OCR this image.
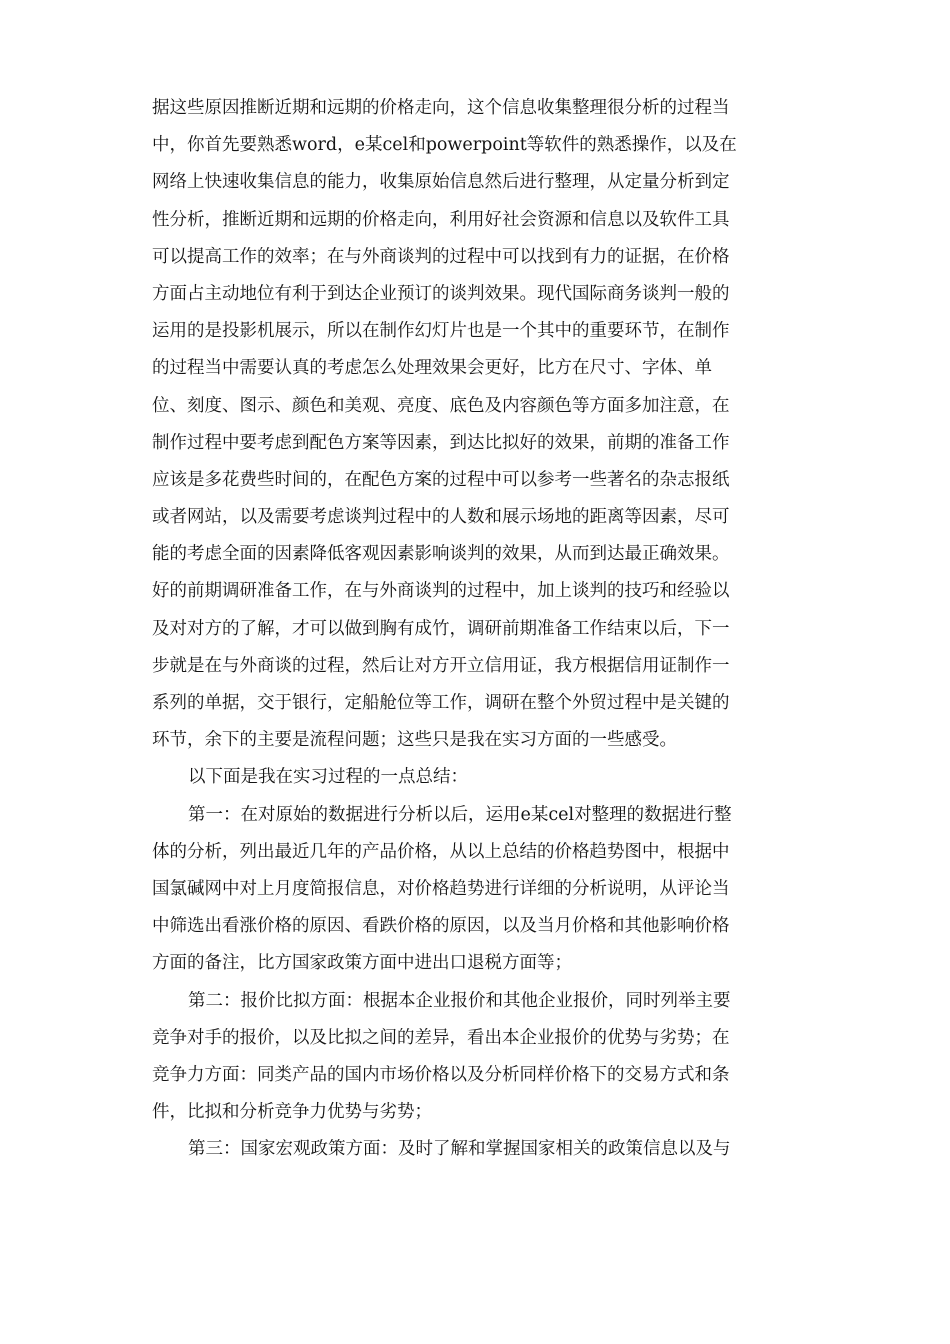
据这些原因推断近期和远期的价格走向，这个信息收集整理很分析的过程当
中，你首先要熟悉word，e某cel和powerpoint等软件的熟悉操作，以及在
网络上快速收集信息的能力，收集原始信息然后进行整理，从定量分析到定
性分析，推断近期和远期的价格走向，利用好社会资源和信息以及软件工具
可以提高工作的效率；在与外商谈判的过程中可以找到有力的证据，在价格
方面占主动地位有利于到达企业预订的谈判效果。现代国际商务谈判一般的
运用的是投影机展示，所以在制作幻灯片也是一个其中的重要环节，在制作
的过程当中需要认真的考虑怎么处理效果会更好，比方在尺寸、字体、单
位、刻度、图示、颜色和美观、亮度、底色及内容颜色等方面多加注意，在
制作过程中要考虑到配色方案等因素，到达比拟好的效果，前期的准备工作
应该是多花费些时间的，在配色方案的过程中可以参考一些著名的杂志报纸
或者网站，以及需要考虑谈判过程中的人数和展示场地的距离等因素，尽可
能的考虑全面的因素降低客观因素影响谈判的效果，从而到达最正确效果。
好的前期调研准备工作，在与外商谈判的过程中，加上谈判的技巧和经验以
及对对方的了解，才可以做到胸有成竹，调研前期准备工作结束以后，下一
步就是在与外商谈的过程，然后让对方开立信用证，我方根据信用证制作一
系列的单据，交于银行，定船舱位等工作，调研在整个外贸过程中是关键的
环节，余下的主要是流程问题；这些只是我在实习方面的一些感受。
以下面是我在实习过程的一点总结：
第一：在对原始的数据进行分析以后，运用e某cel对整理的数据进行整
体的分析，列出最近几年的产品价格，从以上总结的价格趋势图中，根据中
国氯碱网中对上月度简报信息，对价格趋势进行详细的分析说明，从评论当
中筛选出看涨价格的原因、看跌价格的原因，以及当月价格和其他影响价格
方面的备注，比方国家政策方面中进出口退税方面等；
第二：报价比拟方面：根据本企业报价和其他企业报价，同时列举主要
竞争对手的报价，以及比拟之间的差异，看出本企业报价的优势与劣势；在
竞争力方面：同类产品的国内市场价格以及分析同样价格下的交易方式和条
件，比拟和分析竞争力优势与劣势；
第三：国家宏观政策方面：及时了解和掌握国家相关的政策信息以及与
